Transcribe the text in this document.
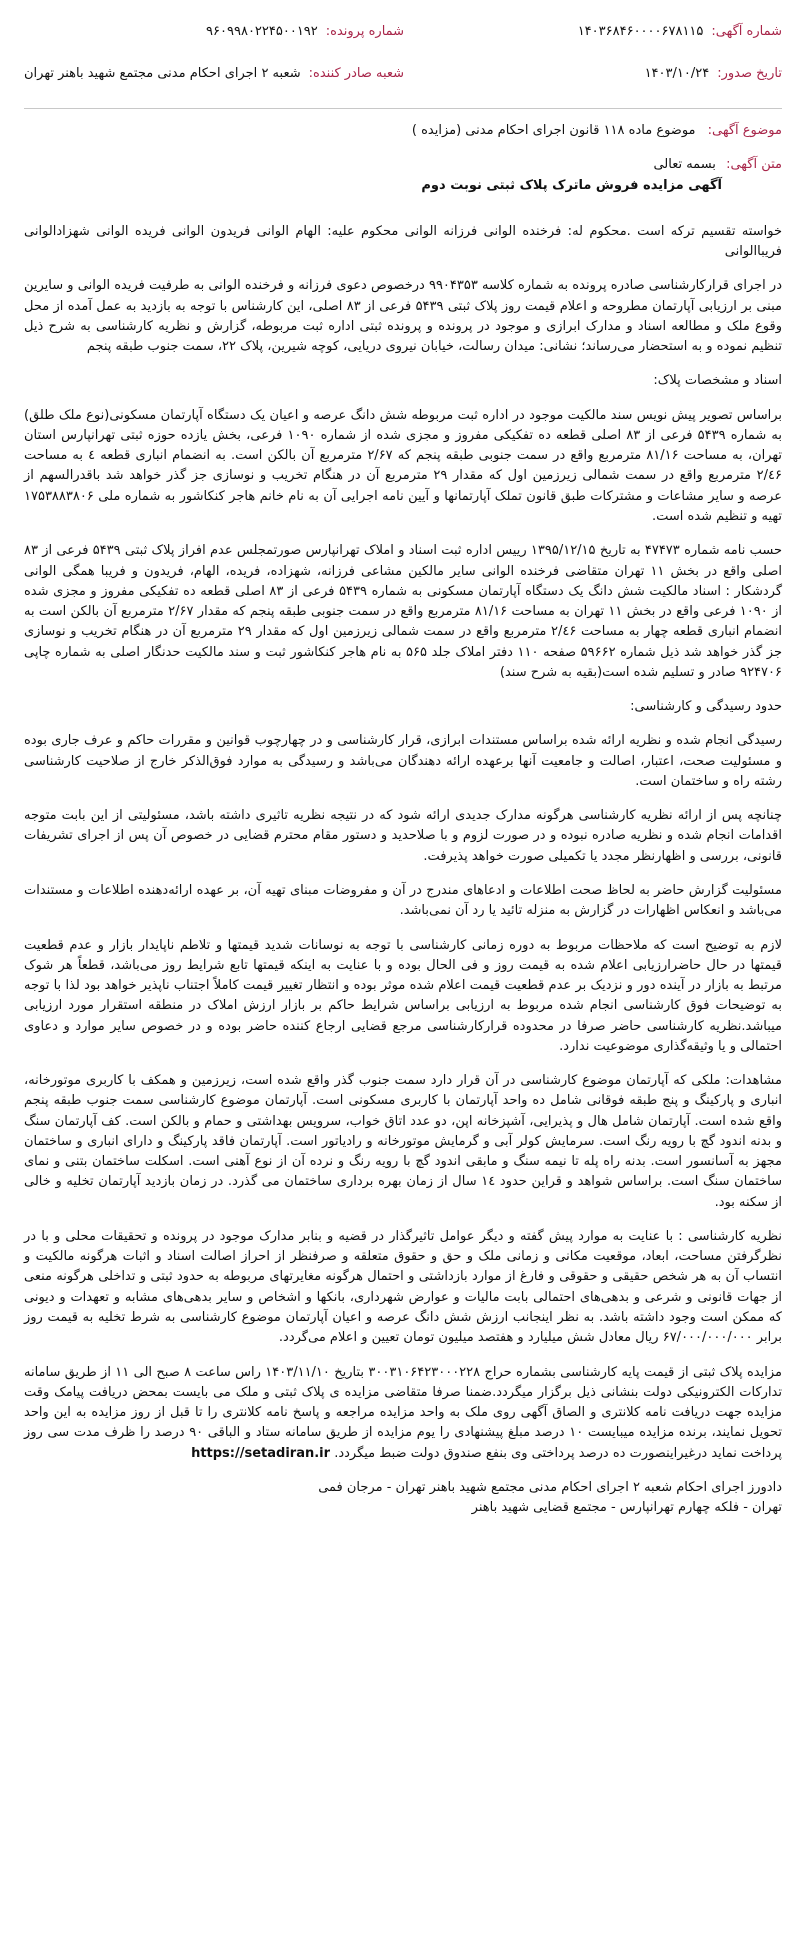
شماره آگهی:
۱۴۰۳۶۸۴۶۰۰۰۰۶۷۸۱۱۵
تاریخ صدور:
۱۴۰۳/۱۰/۲۴
شماره پرونده:
۹۶۰۹۹۸۰۲۲۴۵۰۰۱۹۲
شعبه صادر کننده:
شعبه ۲ اجرای احکام مدنی مجتمع شهید باهنر تهران
موضوع آگهی: موضوع ماده ۱۱۸ قانون اجرای احکام مدنی (مزایده )
متن آگهی: بسمه تعالی
آگهی مزایده فروش ماترک پلاک ثبتی نوبت دوم

خواسته تقسیم ترکه است .محکوم له: فرخنده الوانی فرزانه الوانی محکوم علیه: الهام الوانی فریدون الوانی فریده الوانی شهزادالوانی فریباالوانی

در اجرای قرارکارشناسی صادره پرونده به شماره کلاسه ۹۹۰۴۳۵۳ درخصوص دعوی فرزانه و فرخنده الوانی به طرفیت فریده الوانی و سایرین مبنی بر ارزیابی آپارتمان مطروحه و اعلام قیمت روز پلاک ثبتی ۵۴۳۹ فرعی از ۸۳ اصلی، این کارشناس با توجه به بازدید به عمل آمده از محل وقوع ملک و مطالعه اسناد و مدارک ابرازی و موجود در پرونده و پرونده ثبتی اداره ثبت مربوطه، گزارش و نظریه کارشناسی به شرح ذیل تنظیم نموده و به استحضار می‌رساند؛ نشانی: میدان رسالت، خیابان نیروی دریایی، کوچه شیرین، پلاک ۲۲، سمت جنوب طبقه پنجم

اسناد و مشخصات پلاک:

براساس تصویر پیش نویس سند مالکیت موجود در اداره ثبت مربوطه شش دانگ عرصه و اعیان یک دستگاه آپارتمان مسکونی(نوع ملک طلق) به شماره ۵۴۳۹ فرعی از ۸۳ اصلی قطعه ده تفکیکی مفروز و مجزی شده از شماره ۱۰۹۰ فرعی، بخش یازده حوزه ثبتی تهرانپارس استان تهران، به مساحت ۸۱/۱۶ مترمربع واقع در سمت جنوبی طبقه پنجم که ۲/۶۷ مترمربع آن بالکن است. به انضمام انباری قطعه ٤ به مساحت ۲/٤۶ مترمربع واقع در سمت شمالی زیرزمین اول که مقدار ۲۹ مترمربع آن در هنگام تخریب و نوسازی جز گذر خواهد شد باقدرالسهم از عرصه و سایر مشاعات و مشترکات طبق قانون تملک آپارتمانها و آیین نامه اجرایی آن به نام خانم هاجر کنکاشور به شماره ملی ۱۷۵۳۸۸۳۸۰۶ تهیه و تنظیم شده است.

حسب نامه شماره ۴۷۴۷۳ به تاریخ ۱۳۹۵/۱۲/۱۵ رییس اداره ثبت اسناد و املاک تهرانپارس صورتمجلس عدم افراز پلاک ثبتی ۵۴۳۹ فرعی از ۸۳ اصلی واقع در بخش ۱۱ تهران متقاضی فرخنده الوانی سایر مالکین مشاعی فرزانه، شهزاده، فریده، الهام، فریدون و فریبا همگی الوانی گردشکار : اسناد مالکیت شش دانگ یک دستگاه آپارتمان مسکونی به شماره ۵۴۳۹ فرعی از ۸۳ اصلی قطعه ده تفکیکی مفروز و مجزی شده از ۱۰۹۰ فرعی واقع در بخش ۱۱ تهران به مساحت ۸۱/۱۶ مترمربع واقع در سمت جنوبی طبقه پنجم که مقدار ۲/۶۷ مترمربع آن بالکن است به انضمام انباری قطعه چهار به مساحت ۲/٤۶ مترمربع واقع در سمت شمالی زیرزمین اول که مقدار ۲۹ مترمربع آن در هنگام تخریب و نوسازی جز گذر خواهد شد ذیل شماره ۵۹۶۶۲ صفحه ۱۱۰ دفتر املاک جلد ۵۶۵ به نام هاجر کنکاشور ثبت و سند مالکیت حدنگار اصلی به شماره چاپی ۹۲۴۷۰۶ صادر و تسلیم شده است(بقیه به شرح سند)

حدود رسیدگی و کارشناسی:

رسیدگی انجام شده و نظریه ارائه شده براساس مستندات ابرازی، قرار کارشناسی و در چهارچوب قوانین و مقررات حاکم و عرف جاری بوده و مسئولیت صحت، اعتبار، اصالت و جامعیت آنها برعهده ارائه دهندگان می‌باشد و رسیدگی به موارد فوق‌الذکر خارج از صلاحیت کارشناسی رشته راه و ساختمان است.

چنانچه پس از ارائه نظریه کارشناسی هرگونه مدارک جدیدی ارائه شود که در نتیجه نظریه تاثیری داشته باشد، مسئولیتی از این بابت متوجه اقدامات انجام شده و نظریه صادره نبوده و در صورت لزوم و با صلاحدید و دستور مقام محترم قضایی در خصوص آن پس از اجرای تشریفات قانونی، بررسی و اظهارنظر مجدد یا تکمیلی صورت خواهد پذیرفت.

مسئولیت گزارش حاضر به لحاظ صحت اطلاعات و ادعاهای مندرج در آن و مفروضات مبنای تهیه آن، بر عهده ارائه‌دهنده اطلاعات و مستندات می‌باشد و انعکاس اظهارات در گزارش به منزله تائید یا رد آن نمی‌باشد.

لازم به توضیح است که ملاحظات مربوط به دوره زمانی کارشناسی با توجه به نوسانات شدید قیمتها و تلاطم ناپایدار بازار و عدم قطعیت قیمتها در حال حاضرارزیابی اعلام شده به قیمت روز و فی الحال بوده و با عنایت به اینکه قیمتها تابع شرایط روز می‌باشد، قطعاً هر شوک مرتبط به بازار در آینده دور و نزدیک بر عدم قطعیت قیمت اعلام شده موثر بوده و انتظار تغییر قیمت کاملاً اجتناب ناپذیر خواهد بود لذا با توجه به توضیحات فوق کارشناسی انجام شده مربوط به ارزیابی براساس شرایط حاکم بر بازار ارزش املاک در منطقه استقرار مورد ارزیابی میباشد.نظریه کارشناسی حاضر صرفا در محدوده قرارکارشناسی مرجع قضایی ارجاع کننده حاضر بوده و در خصوص سایر موارد و دعاوی احتمالی و یا وثیقه‌گذاری موضوعیت ندارد.

مشاهدات: ملکی که آپارتمان موضوع کارشناسی در آن قرار دارد سمت جنوب گذر واقع شده است، زیرزمین و همکف با کاربری موتورخانه، انباری و پارکینگ و پنج طبقه فوقانی شامل ده واحد آپارتمان با کاربری مسکونی است. آپارتمان موضوع کارشناسی سمت جنوب طبقه پنجم واقع شده است. آپارتمان شامل هال و پذیرایی، آشپزخانه اپن، دو عدد اتاق خواب، سرویس بهداشتی و حمام و بالکن است. کف آپارتمان سنگ و بدنه اندود گچ با رویه رنگ است. سرمایش کولر آبی و گرمایش موتورخانه و رادیاتور است. آپارتمان فاقد پارکینگ و دارای انباری و ساختمان مجهز به آسانسور است. بدنه راه پله تا نیمه سنگ و مابقی اندود گچ با رویه رنگ و نرده آن از نوع آهنی است. اسکلت ساختمان بتنی و نمای ساختمان سنگ است. براساس شواهد و قراین حدود ۱٤ سال از زمان بهره برداری ساختمان می گذرد. در زمان بازدید آپارتمان تخلیه و خالی از سکنه بود.

نظریه کارشناسی : با عنایت به موارد پیش گفته و دیگر عوامل تاثیرگذار در قضیه و بنابر مدارک موجود در پرونده و تحقیقات محلی و با در نظرگرفتن مساحت، ابعاد، موقعیت مکانی و زمانی ملک و حق و حقوق متعلقه و صرفنظر از احراز اصالت اسناد و اثبات هرگونه مالکیت و انتساب آن به هر شخص حقیقی و حقوقی و فارغ از موارد بازداشتی و احتمال هرگونه مغایرتهای مربوطه به حدود ثبتی و تداخلی هرگونه منعی از جهات قانونی و شرعی و بدهی‌های احتمالی بابت مالیات و عوارض شهرداری، بانکها و اشخاص و سایر بدهی‌های مشابه و تعهدات و دیونی که ممکن است وجود داشته باشد. به نظر اینجانب ارزش شش دانگ عرصه و اعیان آپارتمان موضوع کارشناسی به شرط تخلیه به قیمت روز برابر ۶۷/۰۰۰/۰۰۰/۰۰۰ ریال معادل شش میلیارد و هفتصد میلیون تومان تعیین و اعلام می‌گردد.

مزایده پلاک ثبتی از قیمت پایه کارشناسی بشماره حراج ۳۰۰۳۱۰۶۴۲۳۰۰۰۲۲۸ بتاریخ ۱۴۰۳/۱۱/۱۰ راس ساعت ۸ صبح الی ۱۱ از طریق سامانه تدارکات الکترونیکی دولت بنشانی ذیل برگزار میگردد.ضمنا صرفا متقاضی مزایده ی پلاک ثبتی و ملک می بایست بمحض دریافت پیامک وقت مزایده جهت دریافت نامه کلانتری و الصاق آگهی روی ملک به واحد مزایده مراجعه و پاسخ نامه کلانتری را تا قبل از روز مزایده به این واحد تحویل نمایند، برنده مزایده میبایست ۱۰ درصد مبلغ پیشنهادی را یوم مزایده از طریق سامانه ستاد و الباقی ۹۰ درصد را ظرف مدت سی روز پرداخت نماید درغیراینصورت ده درصد پرداختی وی بنفع صندوق دولت ضبط میگردد. https://setadiran.ir

دادورز اجرای احکام شعبه ۲ اجرای احکام مدنی مجتمع شهید باهنر تهران - مرجان فمی
تهران - فلکه چهارم تهرانپارس - مجتمع قضایی شهید باهنر
